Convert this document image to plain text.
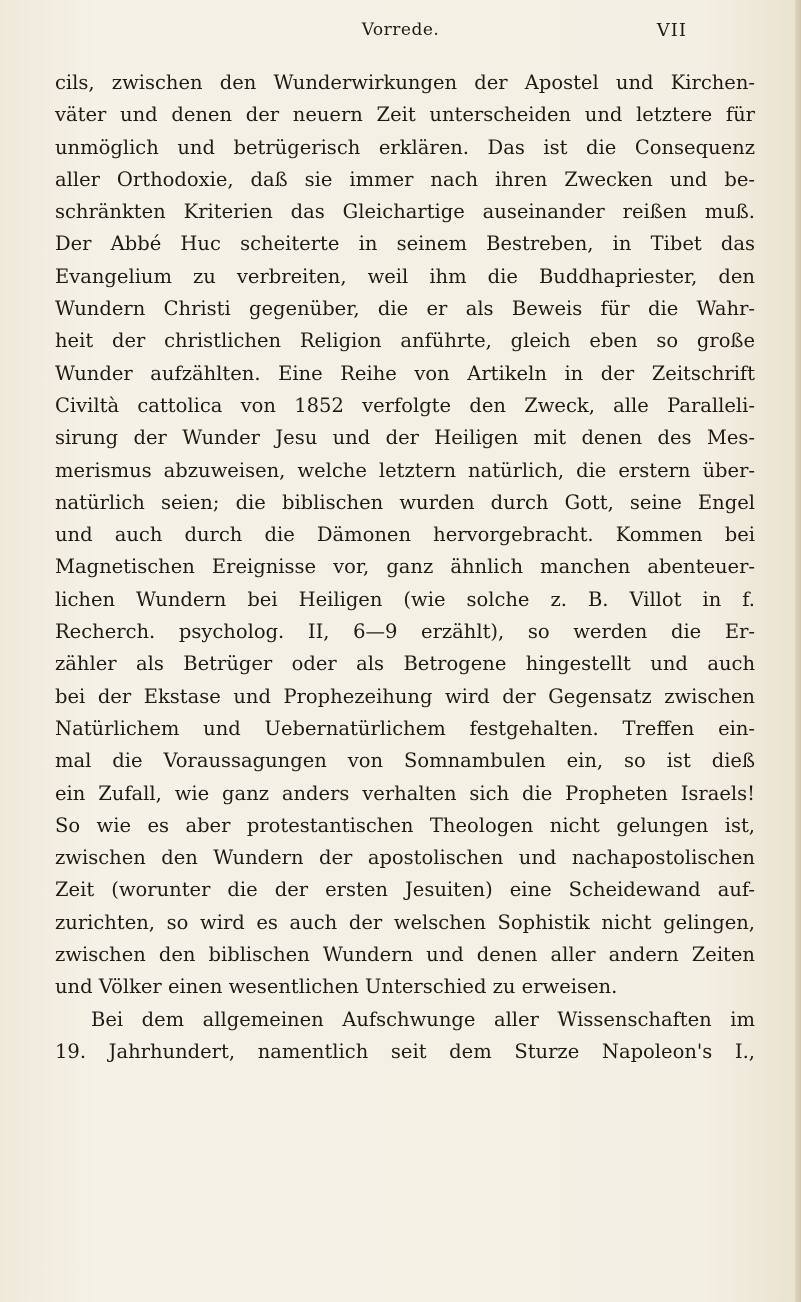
Vorrede.	VII
cils, zwischen den Wunderwirkungen der Apostel und Kirchen-
väter und denen der neuern Zeit unterscheiden und letztere für
unmöglich und betrügerisch erklären. Das ist die Consequenz
aller Orthodoxie, daß sie immer nach ihren Zwecken und be-
schränkten Kriterien das Gleichartige auseinander reißen muß.
Der Abbé Huc scheiterte in seinem Bestreben, in Tibet das
Evangelium zu verbreiten, weil ihm die Buddhapriester, den
Wundern Christi gegenüber, die er als Beweis für die Wahr-
heit der christlichen Religion anführte, gleich eben so große
Wunder aufzählten. Eine Reihe von Artikeln in der Zeitschrift
Civiltà cattolica von 1852 verfolgte den Zweck, alle Paralleli-
sirung der Wunder Jesu und der Heiligen mit denen des Mes-
merismus abzuweisen, welche letztern natürlich, die erstern über-
natürlich seien; die biblischen wurden durch Gott, seine Engel
und auch durch die Dämonen hervorgebracht. Kommen bei
Magnetischen Ereignisse vor, ganz ähnlich manchen abenteuer-
lichen Wundern bei Heiligen (wie solche z. B. Villot in f.
Recherch. psycholog. II, 6—9 erzählt), so werden die Er-
zähler als Betrüger oder als Betrogene hingestellt und auch
bei der Ekstase und Prophezeihung wird der Gegensatz zwischen
Natürlichem und Uebernatürlichem festgehalten. Treffen ein-
mal die Voraussagungen von Somnambulen ein, so ist dieß
ein Zufall, wie ganz anders verhalten sich die Propheten Israels!
So wie es aber protestantischen Theologen nicht gelungen ist,
zwischen den Wundern der apostolischen und nachapostolischen
Zeit (worunter die der ersten Jesuiten) eine Scheidewand auf-
zurichten, so wird es auch der welschen Sophistik nicht gelingen,
zwischen den biblischen Wundern und denen aller andern Zeiten
und Völker einen wesentlichen Unterschied zu erweisen.
Bei dem allgemeinen Aufschwunge aller Wissenschaften im
19. Jahrhundert, namentlich seit dem Sturze Napoleon's I.,
